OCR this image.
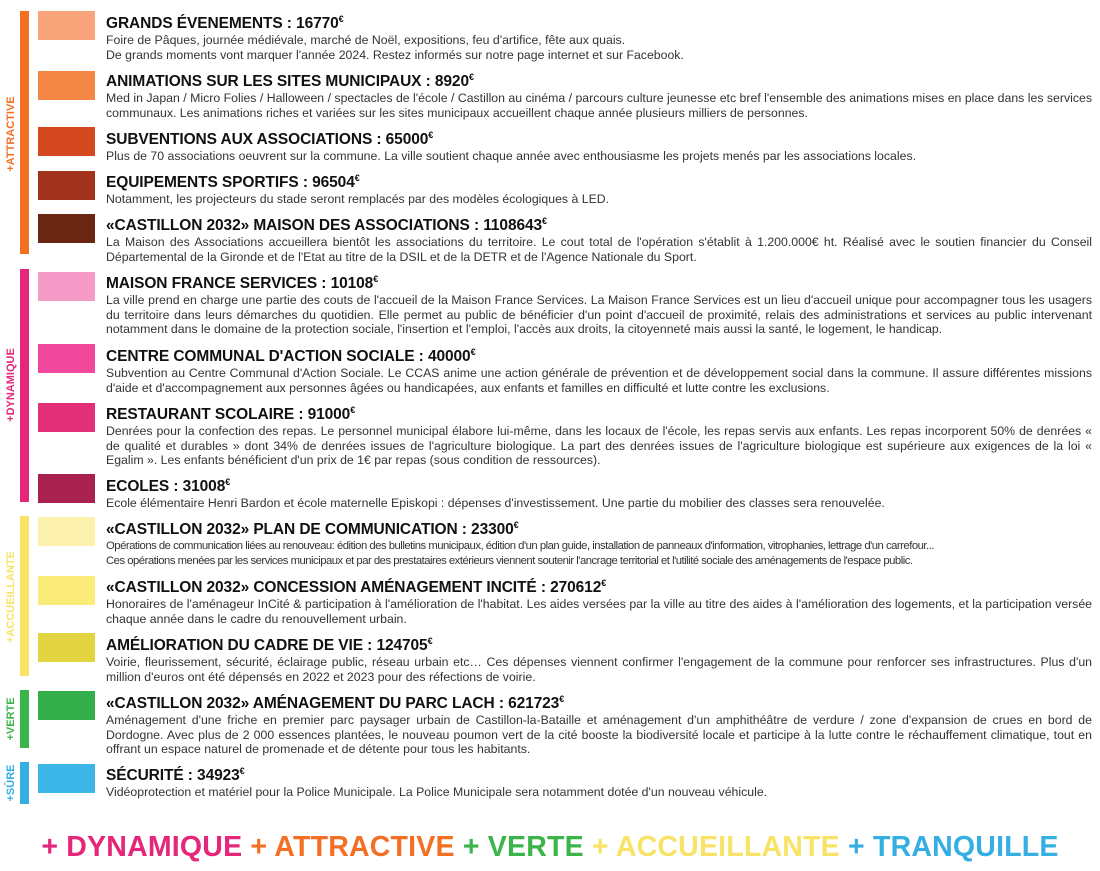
+ATTRACTIVE
+DYNAMIQUE
+ACCUEILLANTE
+VERTE
+SÛRE
GRANDS ÉVENEMENTS : 16770€

Foire de Pâques, journée médiévale, marché de Noël, expositions, feu d'artifice, fête aux quais.

De grands moments vont marquer l'année 2024. Restez informés sur notre page internet et sur Facebook.

ANIMATIONS SUR LES SITES MUNICIPAUX : 8920€

Med in Japan / Micro Folies / Halloween / spectacles de l'école / Castillon au cinéma / parcours culture jeunesse etc bref l'ensemble des animations mises en place dans les services communaux. Les animations riches et variées sur les sites municipaux accueillent chaque année plusieurs milliers de personnes.

SUBVENTIONS AUX ASSOCIATIONS : 65000€

Plus de 70 associations oeuvrent sur la commune. La ville soutient chaque année avec enthousiasme les projets menés par les associations locales.

EQUIPEMENTS SPORTIFS : 96504€

Notamment, les projecteurs du stade seront remplacés par des modèles écologiques à LED.

«CASTILLON 2032» MAISON DES ASSOCIATIONS : 1108643€

La Maison des Associations accueillera bientôt les associations du territoire. Le cout total de l'opération s'établit à 1.200.000€ ht. Réalisé avec le soutien financier du Conseil Départemental de la Gironde et de l'Etat au titre de la DSIL et de la DETR et de l'Agence Nationale du Sport.

MAISON FRANCE SERVICES : 10108€

La ville prend en charge une partie des couts de l'accueil de la Maison France Services. La Maison France Services est un lieu d'accueil unique pour accompagner tous les usagers du territoire dans leurs démarches du quotidien. Elle permet au public de bénéficier d'un point d'accueil de proximité, relais des administrations et services au public intervenant notamment dans le domaine de la protection sociale, l'insertion et l'emploi, l'accès aux droits, la citoyenneté mais aussi la santé, le logement, le handicap.

CENTRE COMMUNAL D'ACTION SOCIALE : 40000€

Subvention au Centre Communal d'Action Sociale. Le CCAS anime une action générale de prévention et de développement social dans la commune. Il assure différentes missions d'aide et d'accompagnement aux personnes âgées ou handicapées, aux enfants et familles en difficulté et lutte contre les exclusions.

RESTAURANT SCOLAIRE : 91000€

Denrées pour la confection des repas. Le personnel municipal élabore lui-même, dans les locaux de l'école, les repas servis aux enfants. Les repas incorporent 50% de denrées « de qualité et durables » dont 34% de denrées issues de l'agriculture biologique. La part des denrées issues de l'agriculture biologique est supérieure aux exigences de la loi « Egalim ». Les enfants bénéficient d'un prix de 1€ par repas (sous condition de ressources).

ECOLES : 31008€

Ecole élémentaire Henri Bardon et école maternelle Episkopi : dépenses d'investissement. Une partie du mobilier des classes sera renouvelée.

«CASTILLON 2032» PLAN DE COMMUNICATION : 23300€

Opérations de communication liées au renouveau: édition des bulletins municipaux, édition d'un plan guide, installation de panneaux d'information, vitrophanies, lettrage d'un carrefour...

Ces opérations menées par les services municipaux et par des prestataires extérieurs viennent soutenir l'ancrage territorial et l'utilité sociale des aménagements de l'espace public.

«CASTILLON 2032» CONCESSION AMÉNAGEMENT INCITÉ : 270612€

Honoraires de l'aménageur InCité & participation à l'amélioration de l'habitat. Les aides versées par la ville au titre des aides à l'amélioration des logements, et la participation versée chaque année dans le cadre du renouvellement urbain.

AMÉLIORATION DU CADRE DE VIE : 124705€

Voirie, fleurissement, sécurité, éclairage public, réseau urbain etc… Ces dépenses viennent confirmer l'engagement de la commune pour renforcer ses infrastructures. Plus d'un million d'euros ont été dépensés en 2022 et 2023 pour des réfections de voirie.

«CASTILLON 2032» AMÉNAGEMENT DU PARC LACH : 621723€

Aménagement d'une friche en premier parc paysager urbain de Castillon-la-Bataille et aménagement d'un amphithéâtre de verdure / zone d'expansion de crues en bord de Dordogne. Avec plus de 2 000 essences plantées, le nouveau poumon vert de la cité booste la biodiversité locale et participe à la lutte contre le réchauffement climatique, tout en offrant un espace naturel de promenade et de détente pour tous les habitants.

SÉCURITÉ : 34923€

Vidéoprotection et matériel pour la Police Municipale. La Police Municipale sera notamment dotée d'un nouveau véhicule.

+ DYNAMIQUE + ATTRACTIVE + VERTE + ACCUEILLANTE + TRANQUILLE
